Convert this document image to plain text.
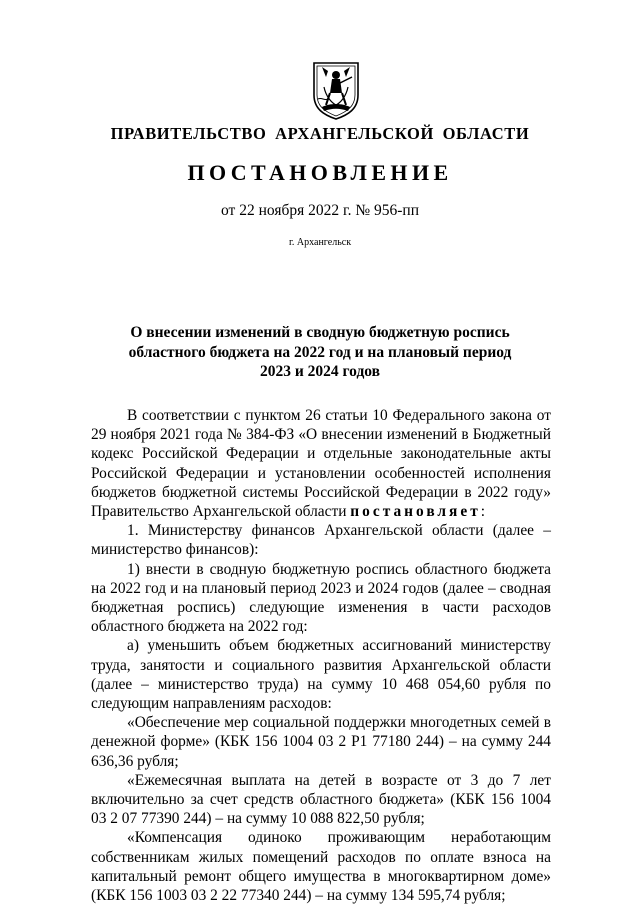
ПРАВИТЕЛЬСТВО АРХАНГЕЛЬСКОЙ ОБЛАСТИ
ПОСТАНОВЛЕНИЕ
от 22 ноября 2022 г. № 956-пп
г. Архангельск
О внесении изменений в сводную бюджетную роспись
областного бюджета на 2022 год и на плановый период
2023 и 2024 годов

В соответствии с пунктом 26 статьи 10 Федерального закона от 29 ноября 2021 года № 384-ФЗ «О внесении изменений в Бюджетный кодекс Российской Федерации и отдельные законодательные акты Российской Федерации и установлении особенностей исполнения бюджетов бюджетной системы Российской Федерации в 2022 году» Правительство Архангельской области постановляет:

1. Министерству финансов Архангельской области (далее – министерство финансов):

1) внести в сводную бюджетную роспись областного бюджета на 2022 год и на плановый период 2023 и 2024 годов (далее – сводная бюджетная роспись) следующие изменения в части расходов областного бюджета на 2022 год:

а) уменьшить объем бюджетных ассигнований министерству труда, занятости и социального развития Архангельской области (далее – министерство труда) на сумму 10 468 054,60 рубля по следующим направлениям расходов:

«Обеспечение мер социальной поддержки многодетных семей в денежной форме» (КБК 156 1004 03 2 Р1 77180 244) – на сумму 244 636,36 рубля;

«Ежемесячная выплата на детей в возрасте от 3 до 7 лет включительно за счет средств областного бюджета» (КБК 156 1004 03 2 07 77390 244) – на сумму 10 088 822,50 рубля;

«Компенсация одиноко проживающим неработающим собственникам жилых помещений расходов по оплате взноса на капитальный ремонт общего имущества в многоквартирном доме» (КБК 156 1003 03 2 22 77340 244) – на сумму 134 595,74 рубля;
